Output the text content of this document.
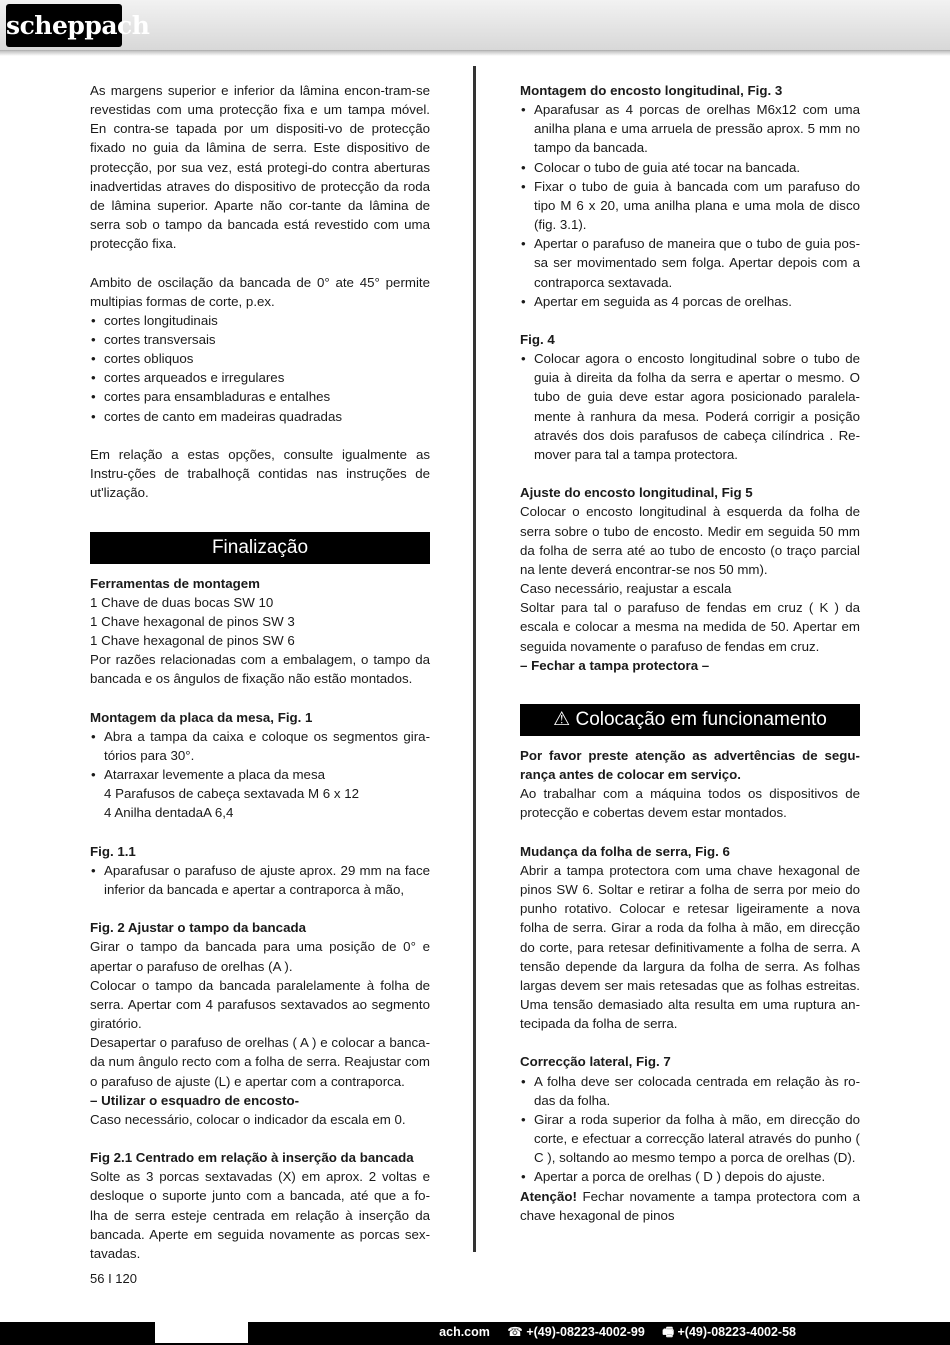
scheppach

As margens superior e inferior da lâmina encon-tram-se revestidas com uma protecção fixa e um tampa móvel. En contra-se tapada por um dispositi-vo de protecção fixado no guia da lâmina de serra. Este dispositivo de protecção, por sua vez, está protegi-do contra aberturas inadvertidas atraves do dispositivo de protecção da roda de lâmina superior. Aparte não cor-tante da lâmina de serra sob o tampo da bancada está revestido com uma protecção fixa.

Ambito de oscilação da bancada de 0° ate 45° permite multipias formas de corte, p.ex.

• cortes longitudinais
• cortes transversais
• cortes obliquos
• cortes arqueados e irregulares
• cortes para ensambladuras e entalhes
• cortes de canto em madeiras quadradas

Em relação a estas opções, consulte igualmente as Instru-ções de trabalhoçã contidas nas instruções de ut'lização.

Finalização

Ferramentas de montagem

1 Chave de duas bocas SW 10

1 Chave hexagonal de pinos SW 3

1 Chave hexagonal de pinos SW 6

Por razões relacionadas com a embalagem, o tampo da bancada e os ângulos de fixação não estão montados.

Montagem da placa da mesa, Fig. 1

• Abra a tampa da caixa e coloque os segmentos gira-tórios para 30°.
• Atarraxar levemente a placa da mesa

4 Parafusos de cabeça sextavada M 6 x 12

4 Anilha dentadaA 6,4

Fig. 1.1

• Aparafusar o parafuso de ajuste aprox. 29 mm na face inferior da bancada e apertar a contraporca à mão,

Fig. 2 Ajustar o tampo da bancada

Girar o tampo da bancada para uma posição de 0° e apertar o parafuso de orelhas (A ).

Colocar o tampo da bancada paralelamente à folha de serra. Apertar com 4 parafusos sextavados ao segmento giratório.

Desapertar o parafuso de orelhas ( A ) e colocar a banca-da num ângulo recto com a folha de serra. Reajustar com o parafuso de ajuste (L) e apertar com a contraporca.

– Utilizar o esquadro de encosto-

Caso necessário, colocar o indicador da escala em 0.

Fig 2.1 Centrado em relação à inserção da bancada

Solte as 3 porcas sextavadas (X) em aprox. 2 voltas e desloque o suporte junto com a bancada, até que a fo-lha de serra esteje centrada em relação à inserção da bancada. Aperte em seguida novamente as porcas sex-tavadas.

Montagem do encosto longitudinal, Fig. 3

• Aparafusar as 4 porcas de orelhas M6x12 com uma anilha plana e uma arruela de pressão aprox. 5 mm no tampo da bancada.
• Colocar o tubo de guia até tocar na bancada.
• Fixar o tubo de guia à bancada com um parafuso do tipo M 6 x 20, uma anilha plana e uma mola de disco (fig. 3.1).
• Apertar o parafuso de maneira que o tubo de guia pos-sa ser movimentado sem folga. Apertar depois com a contraporca sextavada.
• Apertar em seguida as 4 porcas de orelhas.

Fig. 4

• Colocar agora o encosto longitudinal sobre o tubo de guia à direita da folha da serra e apertar o mesmo. O tubo de guia deve estar agora posicionado paralela-mente à ranhura da mesa. Poderá corrigir a posição através dos dois parafusos de cabeça cilíndrica . Re-mover para tal a tampa protectora.

Ajuste do encosto longitudinal, Fig 5

Colocar o encosto longitudinal à esquerda da folha de serra sobre o tubo de encosto. Medir em seguida 50 mm da folha de serra até ao tubo de encosto (o traço parcial na lente deverá encontrar-se nos 50 mm).

Caso necessário, reajustar a escala

Soltar para tal o parafuso de fendas em cruz ( K ) da escala e colocar a mesma na medida de 50. Apertar em seguida novamente o parafuso de fendas em cruz.

– Fechar a tampa protectora –

⚠ Colocação em funcionamento

Por favor preste atenção as advertências de segu-rança antes de colocar em serviço.

Ao trabalhar com a máquina todos os dispositivos de protecção e cobertas devem estar montados.

Mudança da folha de serra, Fig. 6

Abrir a tampa protectora com uma chave hexagonal de pinos SW 6. Soltar e retirar a folha de serra por meio do punho rotativo. Colocar e retesar ligeiramente a nova folha de serra. Girar a roda da folha à mão, em direcção do corte, para retesar definitivamente a folha de serra. A tensão depende da largura da folha de serra. As folhas largas devem ser mais retesadas que as folhas estreitas. Uma tensão demasiado alta resulta em uma ruptura an-tecipada da folha de serra.

Correcção lateral, Fig. 7

• A folha deve ser colocada centrada em relação às ro-das da folha.
• Girar a roda superior da folha à mão, em direcção do corte, e efectuar a correcção lateral através do punho ( C ), soltando ao mesmo tempo a porca de orelhas (D).
• Apertar a porca de orelhas ( D ) depois do ajuste.

Atenção! Fechar novamente a tampa protectora com a chave hexagonal de pinos

56 I 120
ach.com ☎ +(49)-08223-4002-99 🖷 +(49)-08223-4002-58
